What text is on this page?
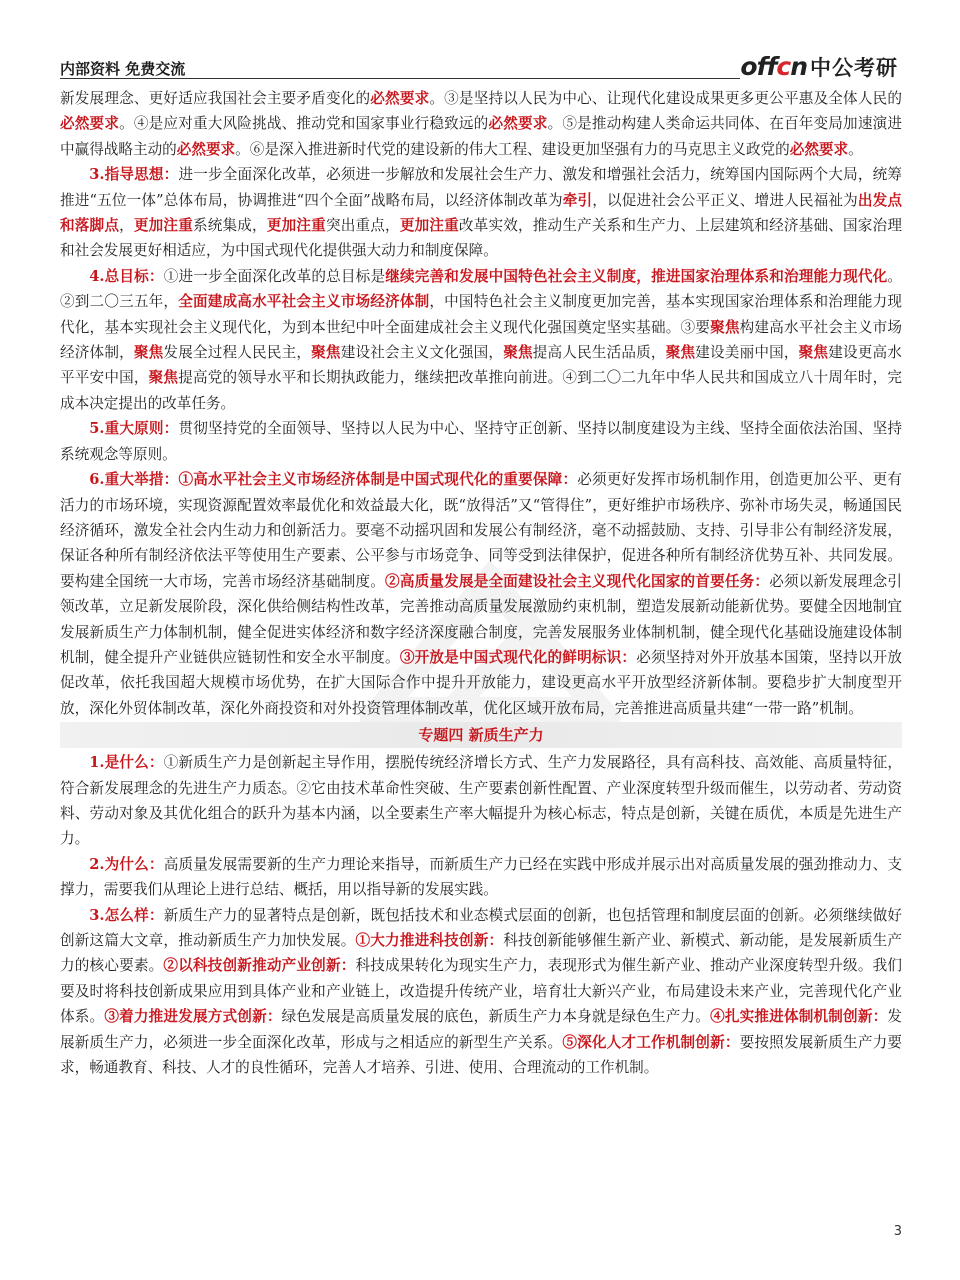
内部资料 免费交流	offcn 中公考研

新发展理念、更好适应我国社会主要矛盾变化的必然要求。③是坚持以人民为中心、让现代化建设成果更多更公平惠及全体人民的必然要求。④是应对重大风险挑战、推动党和国家事业行稳致远的必然要求。⑤是推动构建人类命运共同体、在百年变局加速演进中赢得战略主动的必然要求。⑥是深入推进新时代党的建设新的伟大工程、建设更加坚强有力的马克思主义政党的必然要求。

3.指导思想：进一步全面深化改革，必须进一步解放和发展社会生产力、激发和增强社会活力，统筹国内国际两个大局，统筹推进“五位一体”总体布局，协调推进“四个全面”战略布局，以经济体制改革为牵引，以促进社会公平正义、增进人民福祉为出发点和落脚点，更加注重系统集成，更加注重突出重点，更加注重改革实效，推动生产关系和生产力、上层建筑和经济基础、国家治理和社会发展更好相适应，为中国式现代化提供强大动力和制度保障。

4.总目标：①进一步全面深化改革的总目标是继续完善和发展中国特色社会主义制度，推进国家治理体系和治理能力现代化。②到二〇三五年，全面建成高水平社会主义市场经济体制，中国特色社会主义制度更加完善，基本实现国家治理体系和治理能力现代化，基本实现社会主义现代化，为到本世纪中叶全面建成社会主义现代化强国奠定坚实基础。③要聚焦构建高水平社会主义市场经济体制，聚焦发展全过程人民民主，聚焦建设社会主义文化强国，聚焦提高人民生活品质，聚焦建设美丽中国，聚焦建设更高水平平安中国，聚焦提高党的领导水平和长期执政能力，继续把改革推向前进。④到二〇二九年中华人民共和国成立八十周年时，完成本决定提出的改革任务。

5.重大原则：贯彻坚持党的全面领导、坚持以人民为中心、坚持守正创新、坚持以制度建设为主线、坚持全面依法治国、坚持系统观念等原则。

6.重大举措：①高水平社会主义市场经济体制是中国式现代化的重要保障：必须更好发挥市场机制作用，创造更加公平、更有活力的市场环境，实现资源配置效率最优化和效益最大化，既“放得活”又“管得住”，更好维护市场秩序、弥补市场失灵，畅通国民经济循环，激发全社会内生动力和创新活力。要毫不动摇巩固和发展公有制经济，毫不动摇鼓励、支持、引导非公有制经济发展，保证各种所有制经济依法平等使用生产要素、公平参与市场竞争、同等受到法律保护，促进各种所有制经济优势互补、共同发展。要构建全国统一大市场，完善市场经济基础制度。②高质量发展是全面建设社会主义现代化国家的首要任务：必须以新发展理念引领改革，立足新发展阶段，深化供给侧结构性改革，完善推动高质量发展激励约束机制，塑造发展新动能新优势。要健全因地制宜发展新质生产力体制机制，健全促进实体经济和数字经济深度融合制度，完善发展服务业体制机制，健全现代化基础设施建设体制机制，健全提升产业链供应链韧性和安全水平制度。③开放是中国式现代化的鲜明标识：必须坚持对外开放基本国策，坚持以开放促改革，依托我国超大规模市场优势，在扩大国际合作中提升开放能力，建设更高水平开放型经济新体制。要稳步扩大制度型开放，深化外贸体制改革，深化外商投资和对外投资管理体制改革，优化区域开放布局，完善推进高质量共建“一带一路”机制。

专题四 新质生产力

1.是什么：①新质生产力是创新起主导作用，摆脱传统经济增长方式、生产力发展路径，具有高科技、高效能、高质量特征，符合新发展理念的先进生产力质态。②它由技术革命性突破、生产要素创新性配置、产业深度转型升级而催生，以劳动者、劳动资料、劳动对象及其优化组合的跃升为基本内涵，以全要素生产率大幅提升为核心标志，特点是创新，关键在质优，本质是先进生产力。

2.为什么：高质量发展需要新的生产力理论来指导，而新质生产力已经在实践中形成并展示出对高质量发展的强劲推动力、支撑力，需要我们从理论上进行总结、概括，用以指导新的发展实践。

3.怎么样：新质生产力的显著特点是创新，既包括技术和业态模式层面的创新，也包括管理和制度层面的创新。必须继续做好创新这篇大文章，推动新质生产力加快发展。①大力推进科技创新：科技创新能够催生新产业、新模式、新动能，是发展新质生产力的核心要素。②以科技创新推动产业创新：科技成果转化为现实生产力，表现形式为催生新产业、推动产业深度转型升级。我们要及时将科技创新成果应用到具体产业和产业链上，改造提升传统产业，培育壮大新兴产业，布局建设未来产业，完善现代化产业体系。③着力推进发展方式创新：绿色发展是高质量发展的底色，新质生产力本身就是绿色生产力。④扎实推进体制机制创新：发展新质生产力，必须进一步全面深化改革，形成与之相适应的新型生产关系。⑤深化人才工作机制创新：要按照发展新质生产力要求，畅通教育、科技、人才的良性循环，完善人才培养、引进、使用、合理流动的工作机制。

3
